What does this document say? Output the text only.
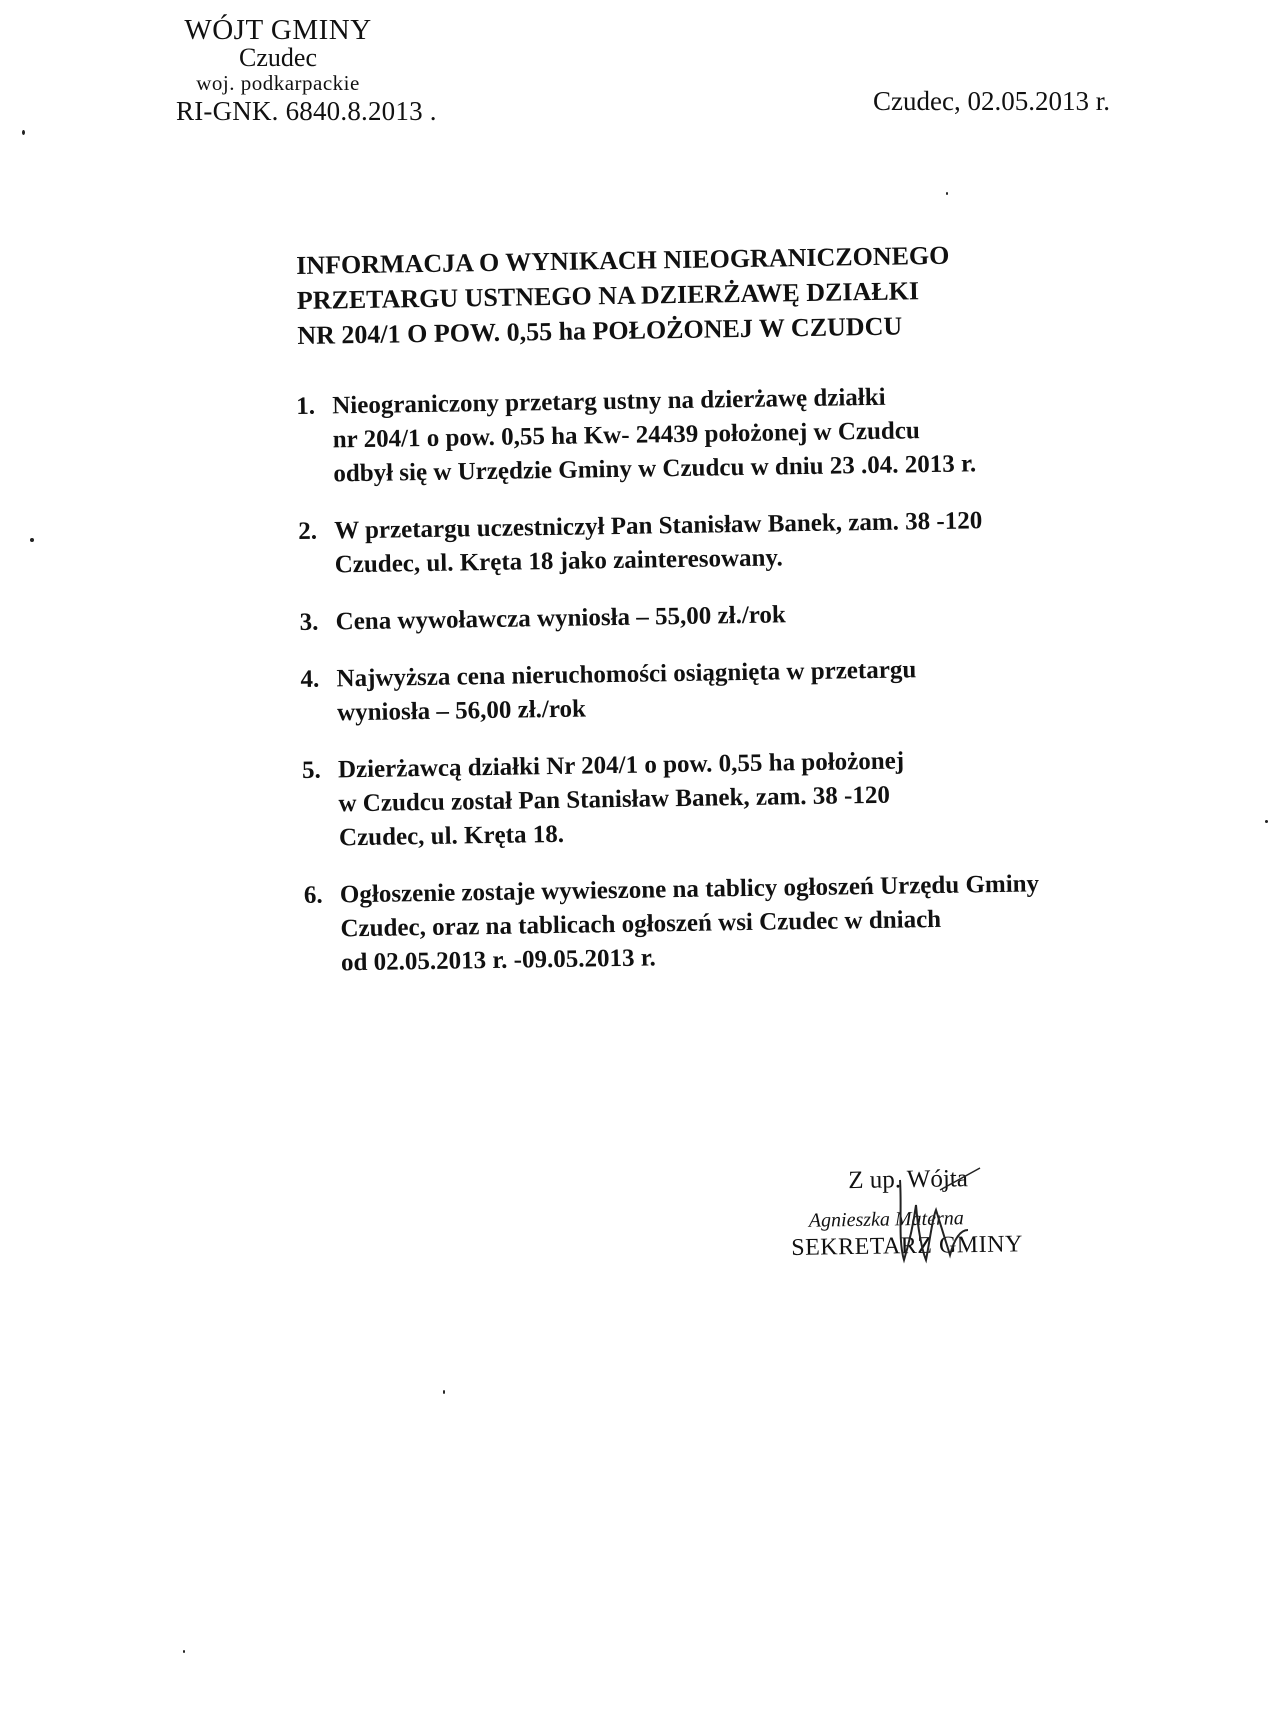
WÓJT GMINY
Czudec
woj. podkarpackie
RI-GNK. 6840.8.2013 .	Czudec, 02.05.2013 r.
INFORMACJA O WYNIKACH NIEOGRANICZONEGO
PRZETARGU USTNEGO NA DZIERŻAWĘ DZIAŁKI
NR 204/1 O POW. 0,55 ha POŁOŻONEJ W CZUDCU
1. Nieograniczony przetarg ustny na dzierżawę działki
nr 204/1 o pow. 0,55 ha Kw- 24439 położonej w Czudcu
odbył się w Urzędzie Gminy w Czudcu w dniu 23 .04. 2013 r.
2. W przetargu uczestniczył Pan Stanisław Banek, zam. 38 -120
Czudec, ul. Kręta 18 jako zainteresowany.
3. Cena wywoławcza wyniosła – 55,00 zł./rok
4. Najwyższa cena nieruchomości osiągnięta w przetargu
wyniosła – 56,00 zł./rok
5. Dzierżawcą działki Nr 204/1 o pow. 0,55 ha położonej
w Czudcu został Pan Stanisław Banek, zam. 38 -120
Czudec, ul. Kręta 18.
6. Ogłoszenie zostaje wywieszone na tablicy ogłoszeń Urzędu Gminy
Czudec, oraz na tablicach ogłoszeń wsi Czudec w dniach
od 02.05.2013 r. -09.05.2013 r.
Z up. Wójta
Agnieszka Materna
SEKRETARZ GMINY
